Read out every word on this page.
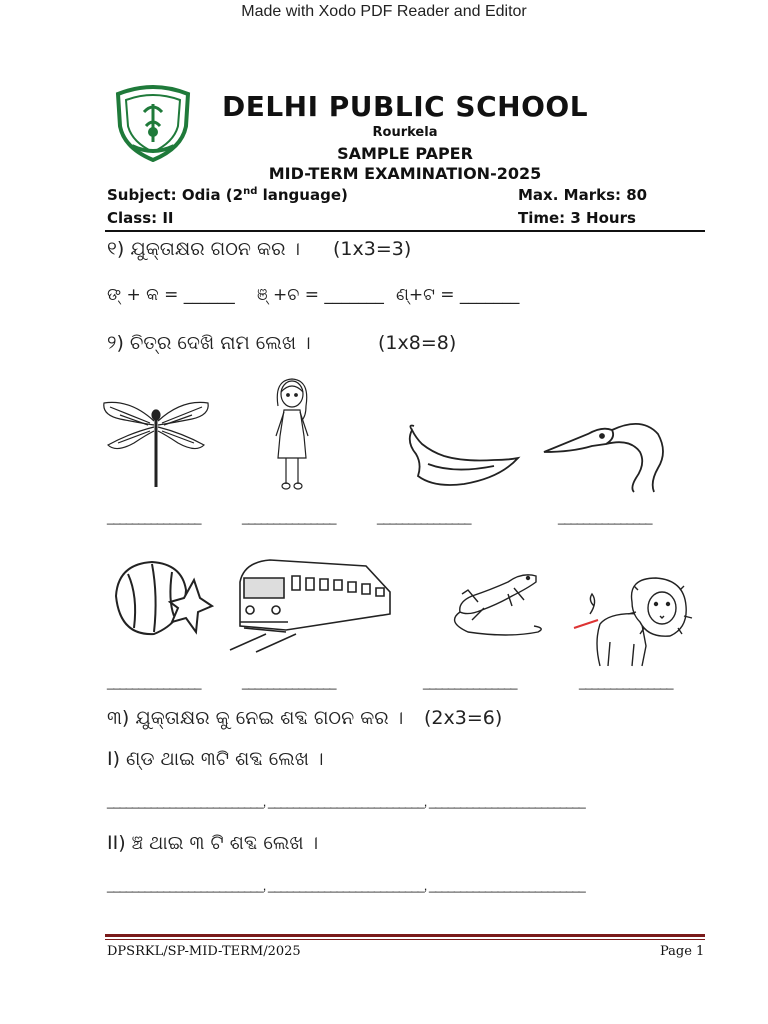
Made with Xodo PDF Reader and Editor
DELHI PUBLIC SCHOOL
Rourkela
SAMPLE PAPER
MID-TERM EXAMINATION-2025
Subject: Odia (2nd language)	Max. Marks: 80
Class: II	Time: 3 Hours
୧) ଯୁକ୍ତାକ୍ଷର ଗଠନ କର । (1x3=3)
ଙ୍ + କ = ______ ଞ୍ +ଚ = _______ ଣ୍+ଟ = _______
୨) ଚିତ୍ର ଦେଖି ନାମ ଲେଖ ।	(1x8=8)
_______________	_______________	_______________	_______________
_______________	_______________	_______________	_______________
୩) ଯୁକ୍ତାକ୍ଷର କୁ ନେଇ ଶବ୍ଦ ଗଠନ କର । (2x3=6)
I) ଣ୍ଡ ଥାଇ ୩ଟି ଶବ୍ଦ ଲେଖ ।
_________________________, _________________________, _________________________
II) ଞ୍ଚ ଥାଇ ୩ ଟି ଶବ୍ଦ ଲେଖ ।
_________________________, _________________________, _________________________
DPSRKL/SP-MID-TERM/2025	Page 1
